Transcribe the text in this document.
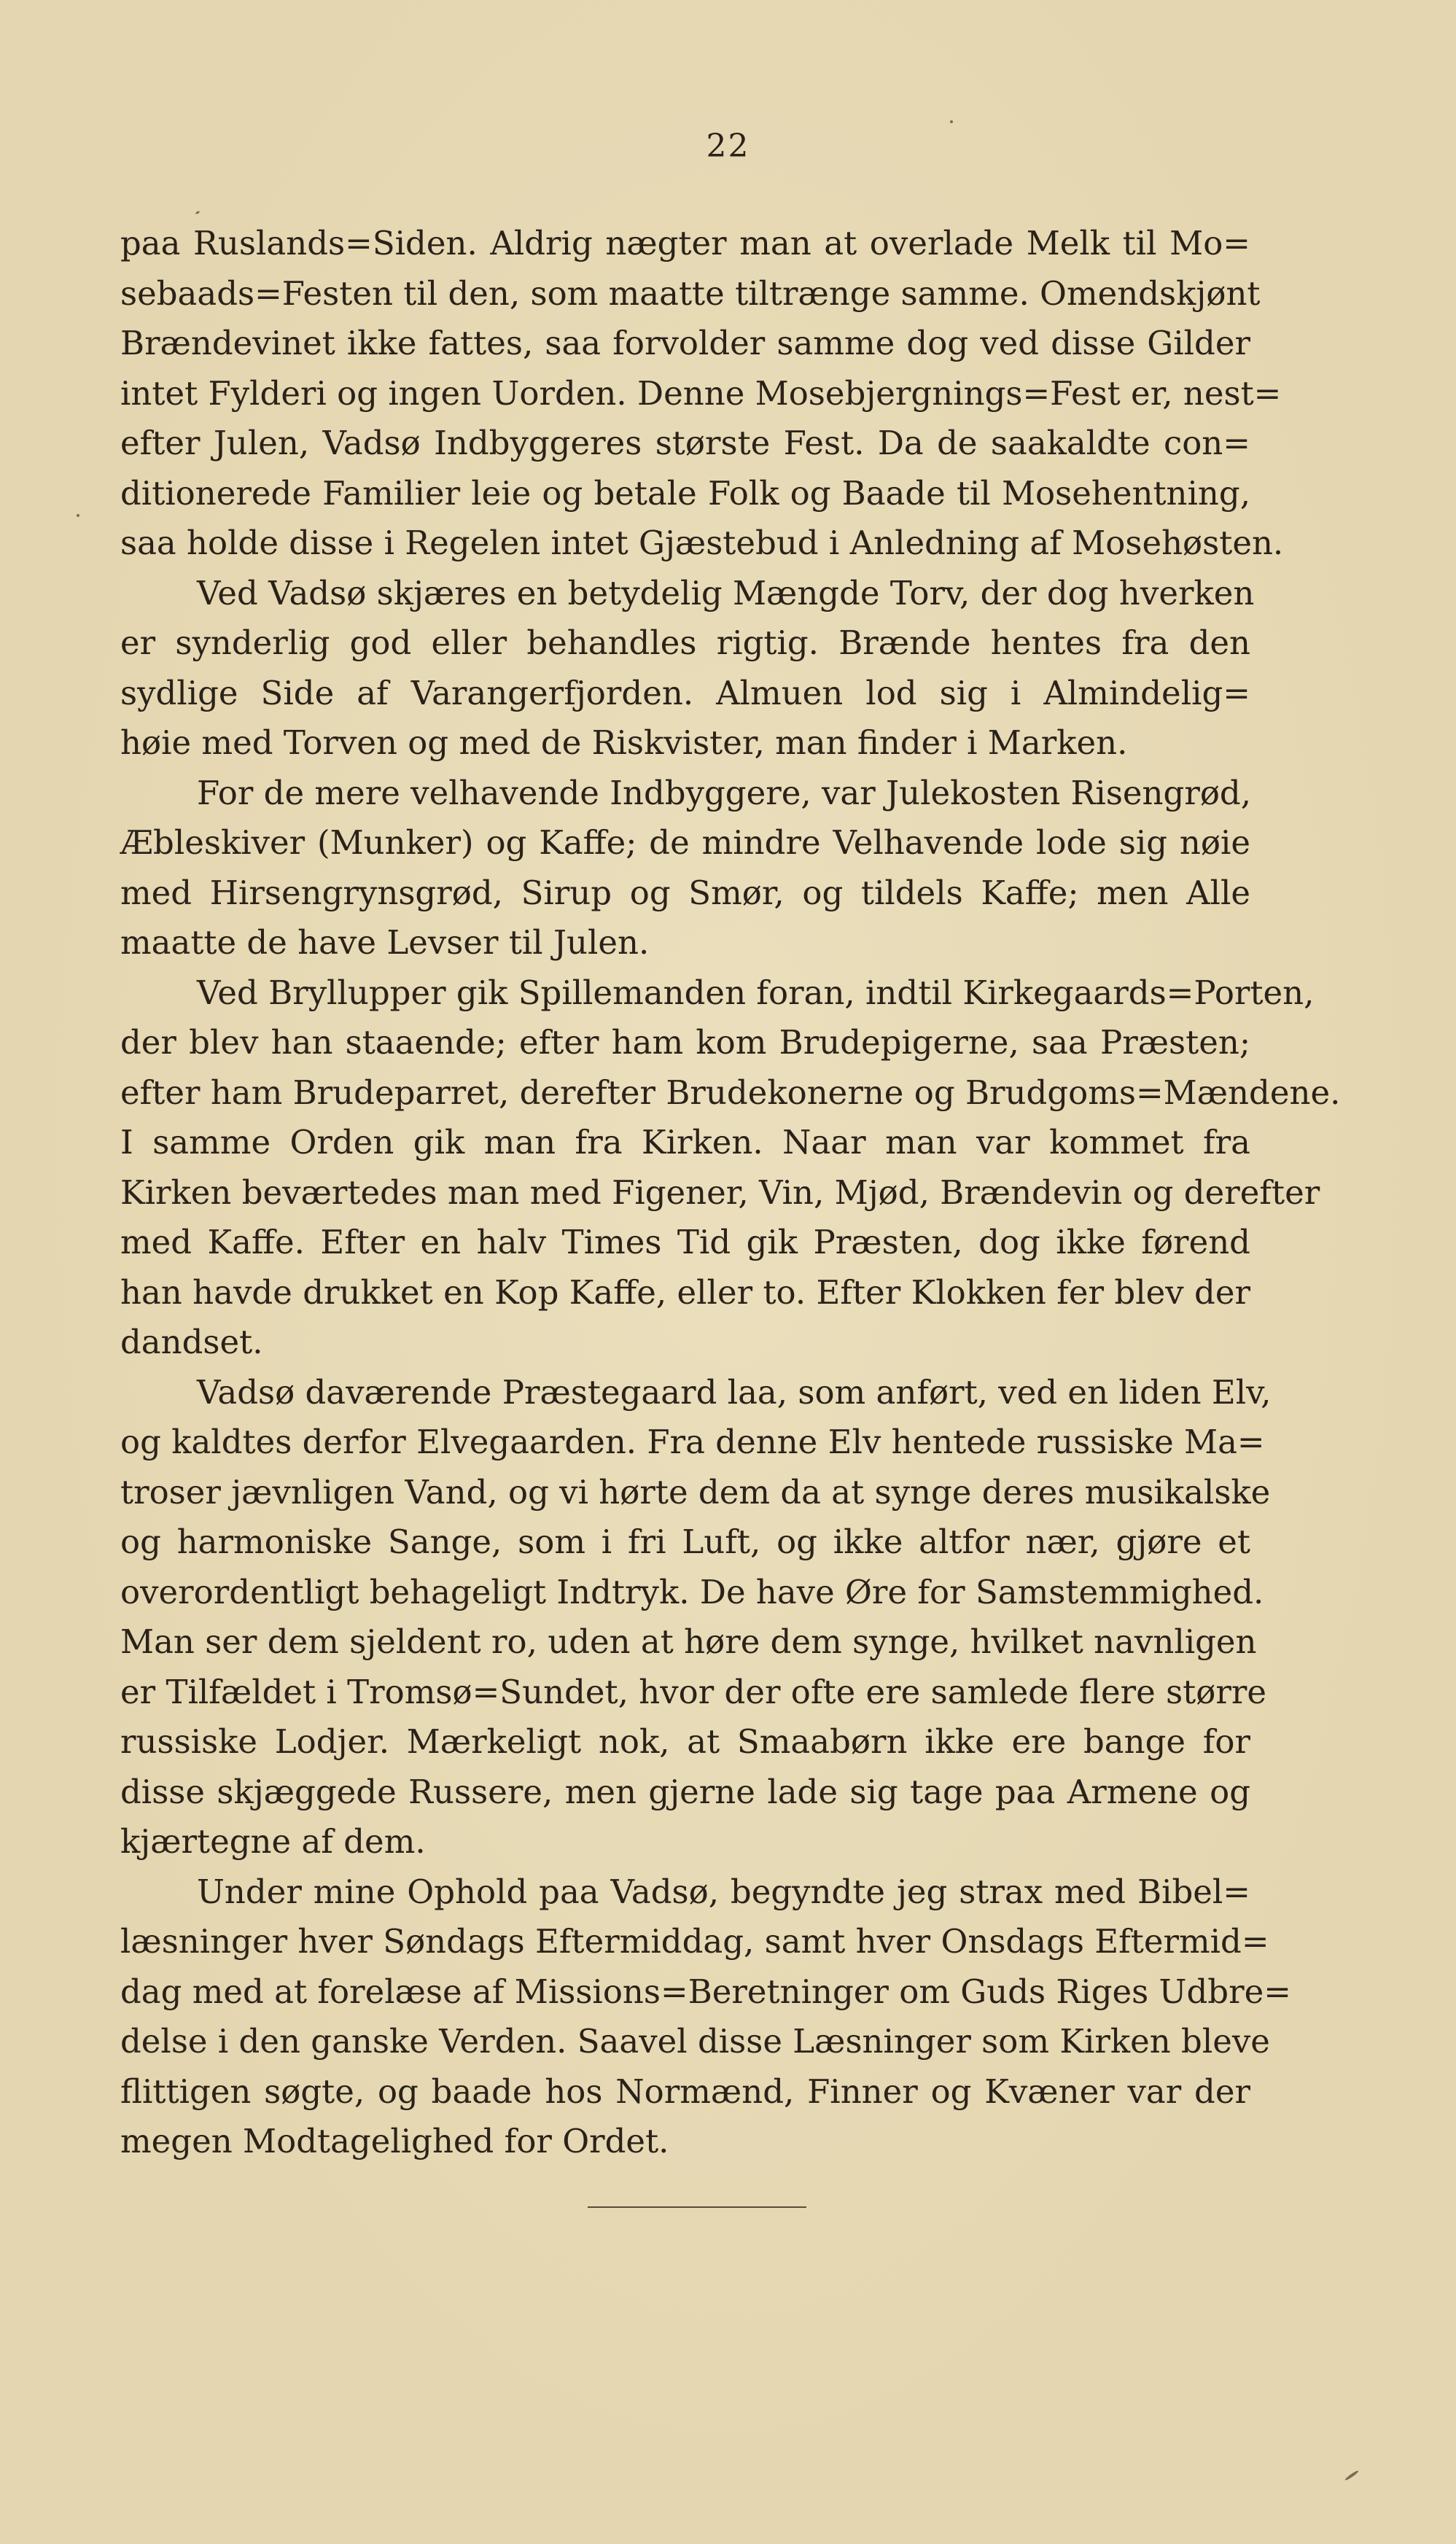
22

paa Ruslands=Siden. Aldrig nægter man at overlade Melk til Mo=
sebaads=Festen til den, som maatte tiltrænge samme. Omendskjønt
Brændevinet ikke fattes, saa forvolder samme dog ved disse Gilder
intet Fylderi og ingen Uorden. Denne Mosebjergnings=Fest er, nest=
efter Julen, Vadsø Indbyggeres største Fest. Da de saakaldte con=
ditionerede Familier leie og betale Folk og Baade til Mosehentning,
saa holde disse i Regelen intet Gjæstebud i Anledning af Mosehøsten.

Ved Vadsø skjæres en betydelig Mængde Torv, der dog hverken
er synderlig god eller behandles rigtig. Brænde hentes fra den
sydlige Side af Varangerfjorden. Almuen lod sig i Almindelig=
høie med Torven og med de Riskvister, man finder i Marken.

For de mere velhavende Indbyggere, var Julekosten Risengrød,
Æbleskiver (Munker) og Kaffe; de mindre Velhavende lode sig nøie
med Hirsengrynsgrød, Sirup og Smør, og tildels Kaffe; men Alle
maatte de have Levser til Julen.

Ved Bryllupper gik Spillemanden foran, indtil Kirkegaards=Porten,
der blev han staaende; efter ham kom Brudepigerne, saa Præsten;
efter ham Brudeparret, derefter Brudekonerne og Brudgoms=Mændene.
I samme Orden gik man fra Kirken. Naar man var kommet fra
Kirken beværtedes man med Figener, Vin, Mjød, Brændevin og derefter
med Kaffe. Efter en halv Times Tid gik Præsten, dog ikke førend
han havde drukket en Kop Kaffe, eller to. Efter Klokken fer blev der
dandset.

Vadsø daværende Præstegaard laa, som anført, ved en liden Elv,
og kaldtes derfor Elvegaarden. Fra denne Elv hentede russiske Ma=
troser jævnligen Vand, og vi hørte dem da at synge deres musikalske
og harmoniske Sange, som i fri Luft, og ikke altfor nær, gjøre et
overordentligt behageligt Indtryk. De have Øre for Samstemmighed.
Man ser dem sjeldent ro, uden at høre dem synge, hvilket navnligen
er Tilfældet i Tromsø=Sundet, hvor der ofte ere samlede flere større
russiske Lodjer. Mærkeligt nok, at Smaabørn ikke ere bange for
disse skjæggede Russere, men gjerne lade sig tage paa Armene og
kjærtegne af dem.

Under mine Ophold paa Vadsø, begyndte jeg strax med Bibel=
læsninger hver Søndags Eftermiddag, samt hver Onsdags Eftermid=
dag med at forelæse af Missions=Beretninger om Guds Riges Udbre=
delse i den ganske Verden. Saavel disse Læsninger som Kirken bleve
flittigen søgte, og baade hos Normænd, Finner og Kvæner var der
megen Modtagelighed for Ordet.
